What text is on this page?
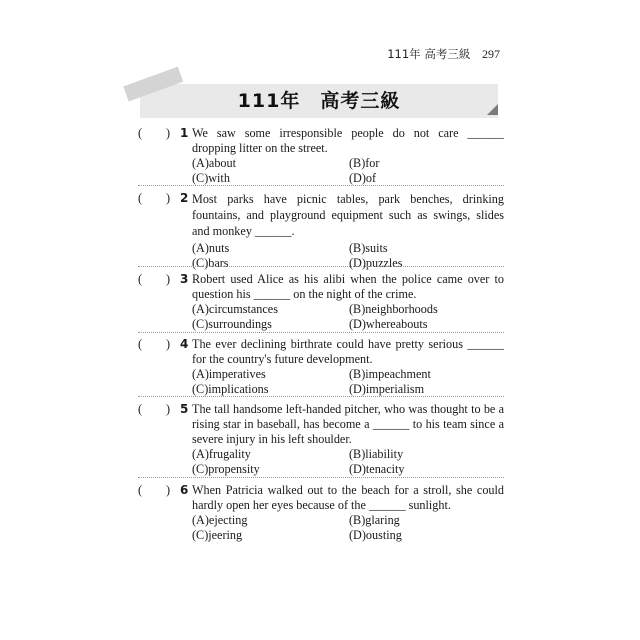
111年 高考三級 297
111年　高考三級
( ) 1 We saw some irresponsible people do not care ______ dropping litter on the street.
(A)about	(B)for
(C)with	(D)of
( ) 2 Most parks have picnic tables, park benches, drinking fountains, and playground equipment such as swings, slides and monkey ______.
(A)nuts	(B)suits
(C)bars	(D)puzzles
( ) 3 Robert used Alice as his alibi when the police came over to question his ______ on the night of the crime.
(A)circumstances	(B)neighborhoods
(C)surroundings	(D)whereabouts
( ) 4 The ever declining birthrate could have pretty serious ______ for the country's future development.
(A)imperatives	(B)impeachment
(C)implications	(D)imperialism
( ) 5 The tall handsome left-handed pitcher, who was thought to be a rising star in baseball, has become a ______ to his team since a severe injury in his left shoulder.
(A)frugality	(B)liability
(C)propensity	(D)tenacity
( ) 6 When Patricia walked out to the beach for a stroll, she could hardly open her eyes because of the ______ sunlight.
(A)ejecting	(B)glaring
(C)jeering	(D)ousting
